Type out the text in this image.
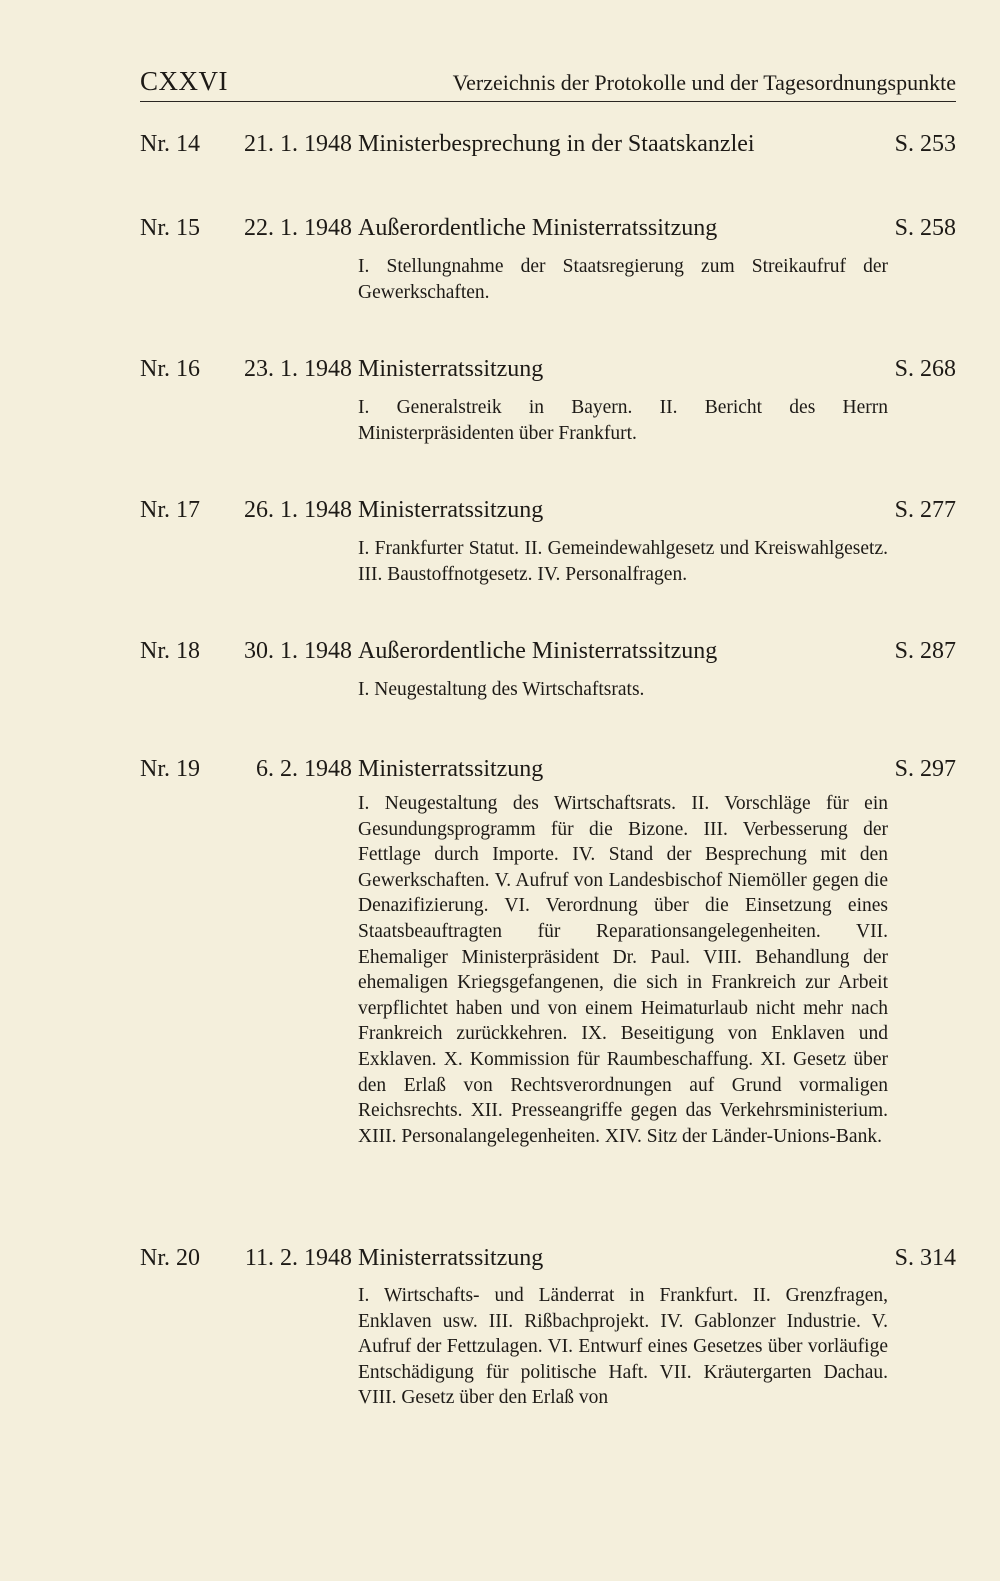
CXXVI	Verzeichnis der Protokolle und der Tagesordnungspunkte
Nr. 14 21. 1. 1948 Ministerbesprechung in der Staatskanzlei	S. 253
Nr. 15 22. 1. 1948 Außerordentliche Ministerratssitzung	S. 258
I. Stellungnahme der Staatsregierung zum Streikaufruf der Gewerkschaften.
Nr. 16 23. 1. 1948 Ministerratssitzung	S. 268
I. Generalstreik in Bayern. II. Bericht des Herrn Ministerpräsidenten über Frankfurt.
Nr. 17 26. 1. 1948 Ministerratssitzung	S. 277
I. Frankfurter Statut. II. Gemeindewahlgesetz und Kreiswahlgesetz. III. Baustoffnotgesetz. IV. Personalfragen.
Nr. 18 30. 1. 1948 Außerordentliche Ministerratssitzung	S. 287
I. Neugestaltung des Wirtschaftsrats.
Nr. 19 6. 2. 1948 Ministerratssitzung	S. 297
I. Neugestaltung des Wirtschaftsrats. II. Vorschläge für ein Gesundungsprogramm für die Bizone. III. Verbesserung der Fettlage durch Importe. IV. Stand der Besprechung mit den Gewerkschaften. V. Aufruf von Landesbischof Niemöller gegen die Denazifizierung. VI. Verordnung über die Einsetzung eines Staatsbeauftragten für Reparationsangelegenheiten. VII. Ehemaliger Ministerpräsident Dr. Paul. VIII. Behandlung der ehemaligen Kriegsgefangenen, die sich in Frankreich zur Arbeit verpflichtet haben und von einem Heimaturlaub nicht mehr nach Frankreich zurückkehren. IX. Beseitigung von Enklaven und Exklaven. X. Kommission für Raumbeschaffung. XI. Gesetz über den Erlaß von Rechtsverordnungen auf Grund vormaligen Reichsrechts. XII. Presseangriffe gegen das Verkehrsministerium. XIII. Personalangelegenheiten. XIV. Sitz der Länder-Unions-Bank.
Nr. 20 11. 2. 1948 Ministerratssitzung	S. 314
I. Wirtschafts- und Länderrat in Frankfurt. II. Grenzfragen, Enklaven usw. III. Rißbachprojekt. IV. Gablonzer Industrie. V. Aufruf der Fettzulagen. VI. Entwurf eines Gesetzes über vorläufige Entschädigung für politische Haft. VII. Kräutergarten Dachau. VIII. Gesetz über den Erlaß von
